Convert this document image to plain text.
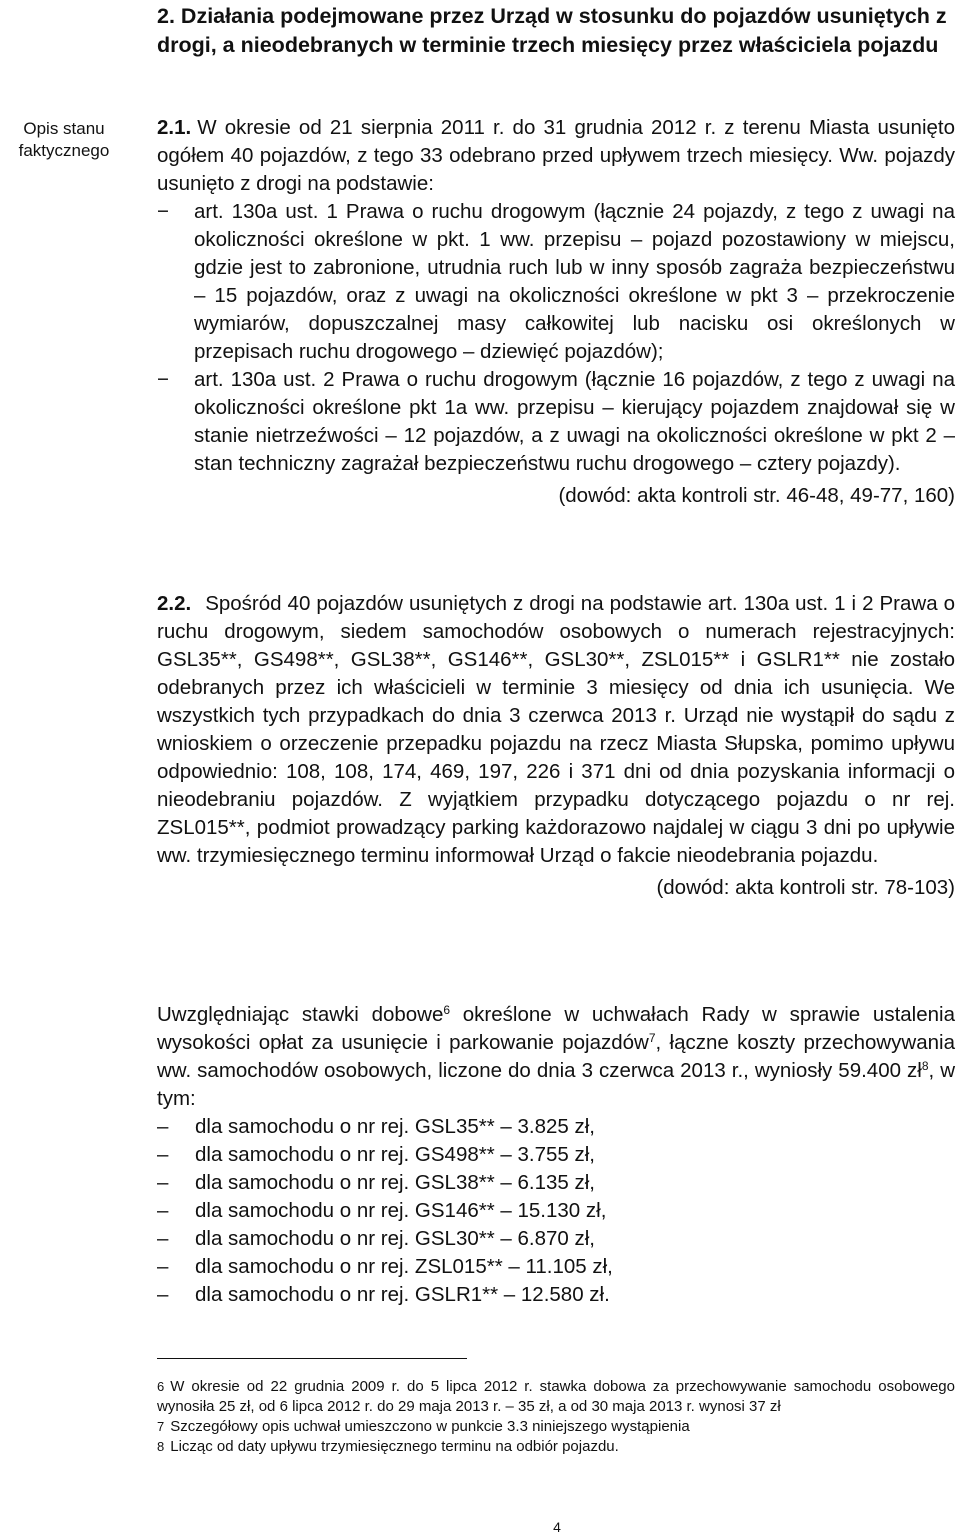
2. Działania podejmowane przez Urząd w stosunku do pojazdów usuniętych z drogi, a nieodebranych w terminie trzech miesięcy przez właściciela pojazdu
Opis stanu faktycznego

2.1. W okresie od 21 sierpnia 2011 r. do 31 grudnia 2012 r. z terenu Miasta usunięto ogółem 40 pojazdów, z tego 33 odebrano przed upływem trzech miesięcy. Ww. pojazdy usunięto z drogi na podstawie:

− art. 130a ust. 1 Prawa o ruchu drogowym (łącznie 24 pojazdy, z tego z uwagi na okoliczności określone w pkt. 1 ww. przepisu – pojazd pozostawiony w miejscu, gdzie jest to zabronione, utrudnia ruch lub w inny sposób zagraża bezpieczeństwu – 15 pojazdów, oraz z uwagi na okoliczności określone w pkt 3 – przekroczenie wymiarów, dopuszczalnej masy całkowitej lub nacisku osi określonych w przepisach ruchu drogowego – dziewięć pojazdów);
− art. 130a ust. 2 Prawa o ruchu drogowym (łącznie 16 pojazdów, z tego z uwagi na okoliczności określone pkt 1a ww. przepisu – kierujący pojazdem znajdował się w stanie nietrzeźwości – 12 pojazdów, a z uwagi na okoliczności określone w pkt 2 – stan techniczny zagrażał bezpieczeństwu ruchu drogowego – cztery pojazdy).

(dowód: akta kontroli str. 46-48, 49-77, 160)

2.2. Spośród 40 pojazdów usuniętych z drogi na podstawie art. 130a ust. 1 i 2 Prawa o ruchu drogowym, siedem samochodów osobowych o numerach rejestracyjnych: GSL35**, GS498**, GSL38**, GS146**, GSL30**, ZSL015** i GSLR1** nie zostało odebranych przez ich właścicieli w terminie 3 miesięcy od dnia ich usunięcia. We wszystkich tych przypadkach do dnia 3 czerwca 2013 r. Urząd nie wystąpił do sądu z wnioskiem o orzeczenie przepadku pojazdu na rzecz Miasta Słupska, pomimo upływu odpowiednio: 108, 108, 174, 469, 197, 226 i 371 dni od dnia pozyskania informacji o nieodebraniu pojazdów. Z wyjątkiem przypadku dotyczącego pojazdu o nr rej. ZSL015**, podmiot prowadzący parking każdorazowo najdalej w ciągu 3 dni po upływie ww. trzymiesięcznego terminu informował Urząd o fakcie nieodebrania pojazdu.

(dowód: akta kontroli str. 78-103)

Uwzględniając stawki dobowe$^6$ określone w uchwałach Rady w sprawie ustalenia wysokości opłat za usunięcie i parkowanie pojazdów$^7$, łączne koszty przechowywania ww. samochodów osobowych, liczone do dnia 3 czerwca 2013 r., wyniosły 59.400 $zł^8$, w tym:

– dla samochodu o nr rej. GSL35** – 3.825 zł,
– dla samochodu o nr rej. GS498** – 3.755 zł,
– dla samochodu o nr rej. GSL38** – 6.135 zł,
– dla samochodu o nr rej. GS146** – 15.130 zł,
– dla samochodu o nr rej. GSL30** – 6.870 zł,
– dla samochodu o nr rej. ZSL015** – 11.105 zł,
– dla samochodu o nr rej. GSLR1** – 12.580 zł.

6 W okresie od 22 grudnia 2009 r. do 5 lipca 2012 r. stawka dobowa za przechowywanie samochodu osobowego wynosiła 25 zł, od 6 lipca 2012 r. do 29 maja 2013 r. – 35 zł, a od 30 maja 2013 r. wynosi 37 zł

7 Szczegółowy opis uchwał umieszczono w punkcie 3.3 niniejszego wystąpienia

8 Licząc od daty upływu trzymiesięcznego terminu na odbiór pojazdu.

4
